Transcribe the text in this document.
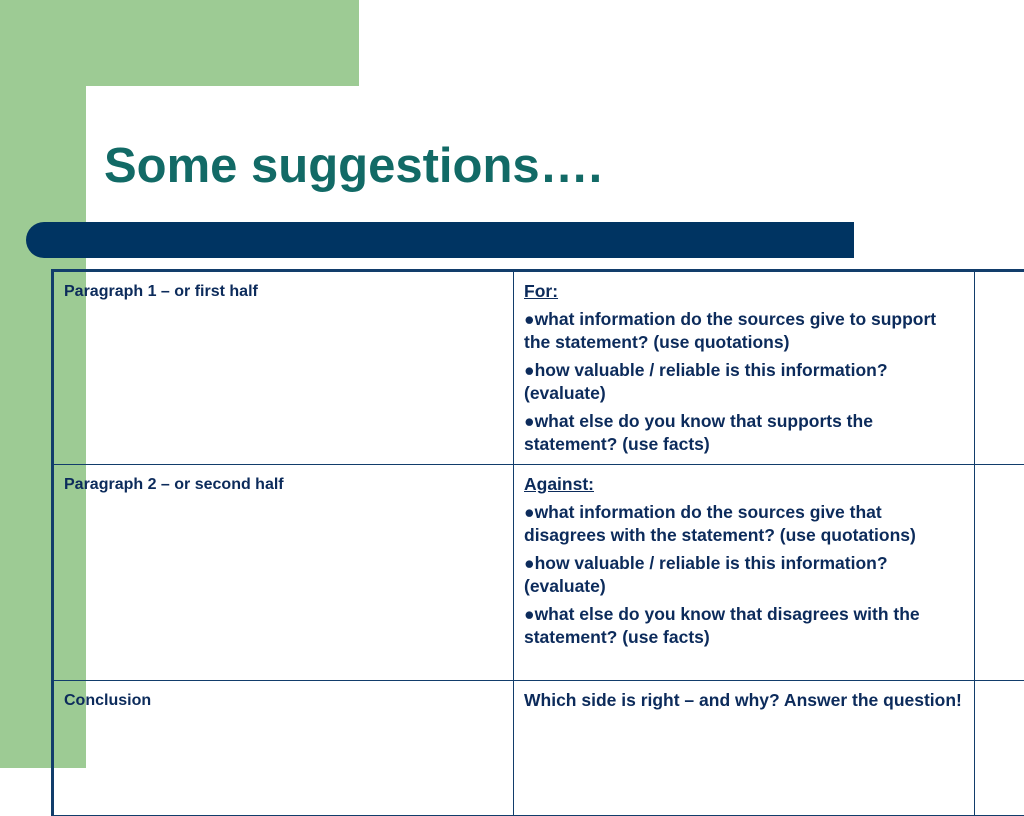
Some suggestions….
Paragraph 1 – or first half	For:
●what information do the sources give to support the statement? (use quotations)
●how valuable / reliable is this information? (evaluate)
●what else do you know that supports the statement? (use facts)	

Paragraph 2 – or second half	Against:
●what information do the sources give that disagrees with the statement? (use quotations)
●how valuable / reliable is this information? (evaluate)
●what else do you know that disagrees with the statement? (use facts)	

Conclusion	Which side is right – and why? Answer the question!	
